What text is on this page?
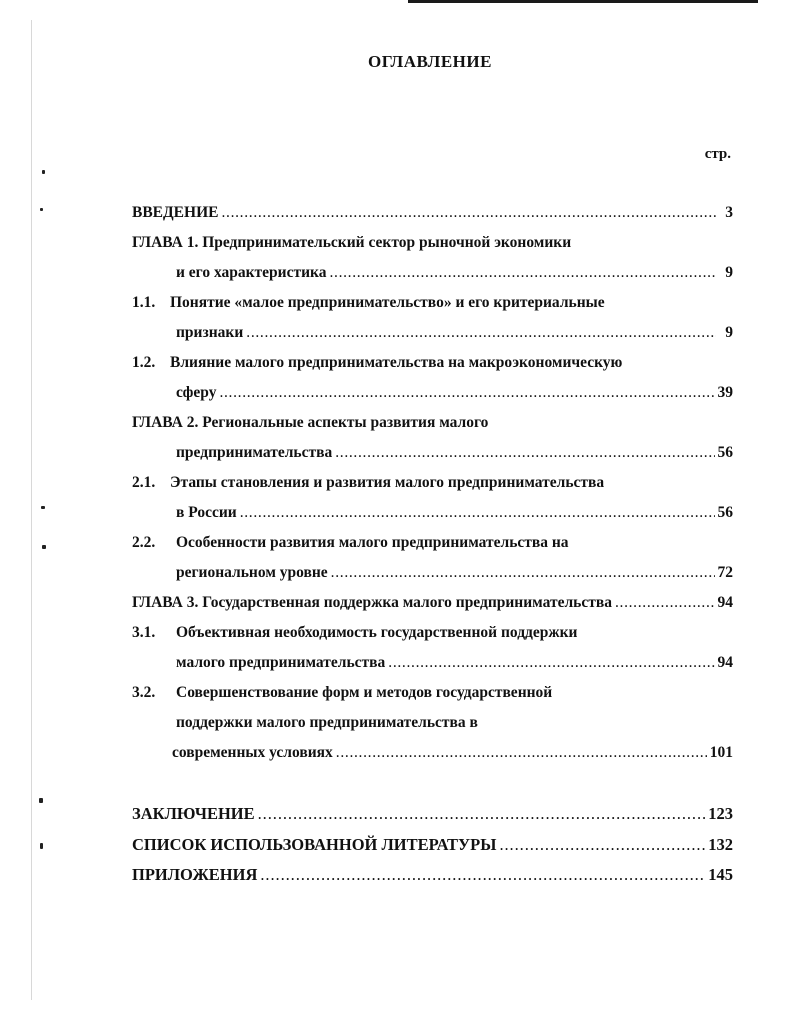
ОГЛАВЛЕНИЕ
стр.
ВВЕДЕНИЕ . . .	3
ГЛАВА 1. Предпринимательский сектор рыночной экономики
и его характеристика . . .	9
1.1. Понятие «малое предпринимательство» и его критериальные
признаки . . .	9
1.2. Влияние малого предпринимательства на макроэкономическую
сферу . . .	39
ГЛАВА 2. Региональные аспекты развития малого
предпринимательства . . .	56
2.1. Этапы становления и развития малого предпринимательства
в России . . .	56
2.2. Особенности развития малого предпринимательства на
региональном уровне . . .	72
ГЛАВА 3. Государственная поддержка малого предпринимательства . . .	94
3.1. Объективная необходимость государственной поддержки
малого предпринимательства . . .	94
3.2. Совершенствование форм и методов государственной
поддержки малого предпринимательства в
современных условиях . . .	101
ЗАКЛЮЧЕНИЕ . . .	123
СПИСОК ИСПОЛЬЗОВАННОЙ ЛИТЕРАТУРЫ . . .	132
ПРИЛОЖЕНИЯ . . .	145
